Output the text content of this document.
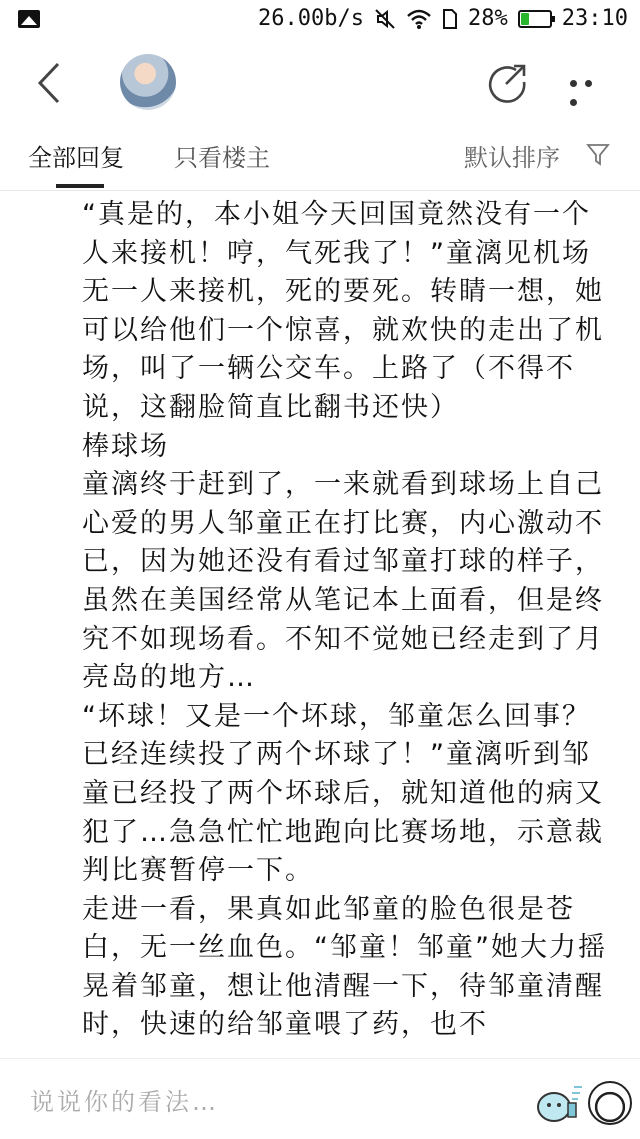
26.00b/s	28% 23:10
全部回复 只看楼主	默认排序

“真是的，本小姐今天回国竟然没有一个人来接机！哼，气死我了！”童漓见机场无一人来接机，死的要死。转睛一想，她可以给他们一个惊喜，就欢快的走出了机场，叫了一辆公交车。上路了（不得不说，这翻脸简直比翻书还快）

棒球场

童漓终于赶到了，一来就看到球场上自己心爱的男人邹童正在打比赛，内心激动不已，因为她还没有看过邹童打球的样子，虽然在美国经常从笔记本上面看，但是终究不如现场看。不知不觉她已经走到了月亮岛的地方…

“坏球！又是一个坏球，邹童怎么回事？已经连续投了两个坏球了！”童漓听到邹童已经投了两个坏球后，就知道他的病又犯了…急急忙忙地跑向比赛场地，示意裁判比赛暂停一下。

走进一看，果真如此邹童的脸色很是苍白，无一丝血色。“邹童！邹童”她大力摇晃着邹童，想让他清醒一下，待邹童清醒时，快速的给邹童喂了药，也不

说说你的看法…
